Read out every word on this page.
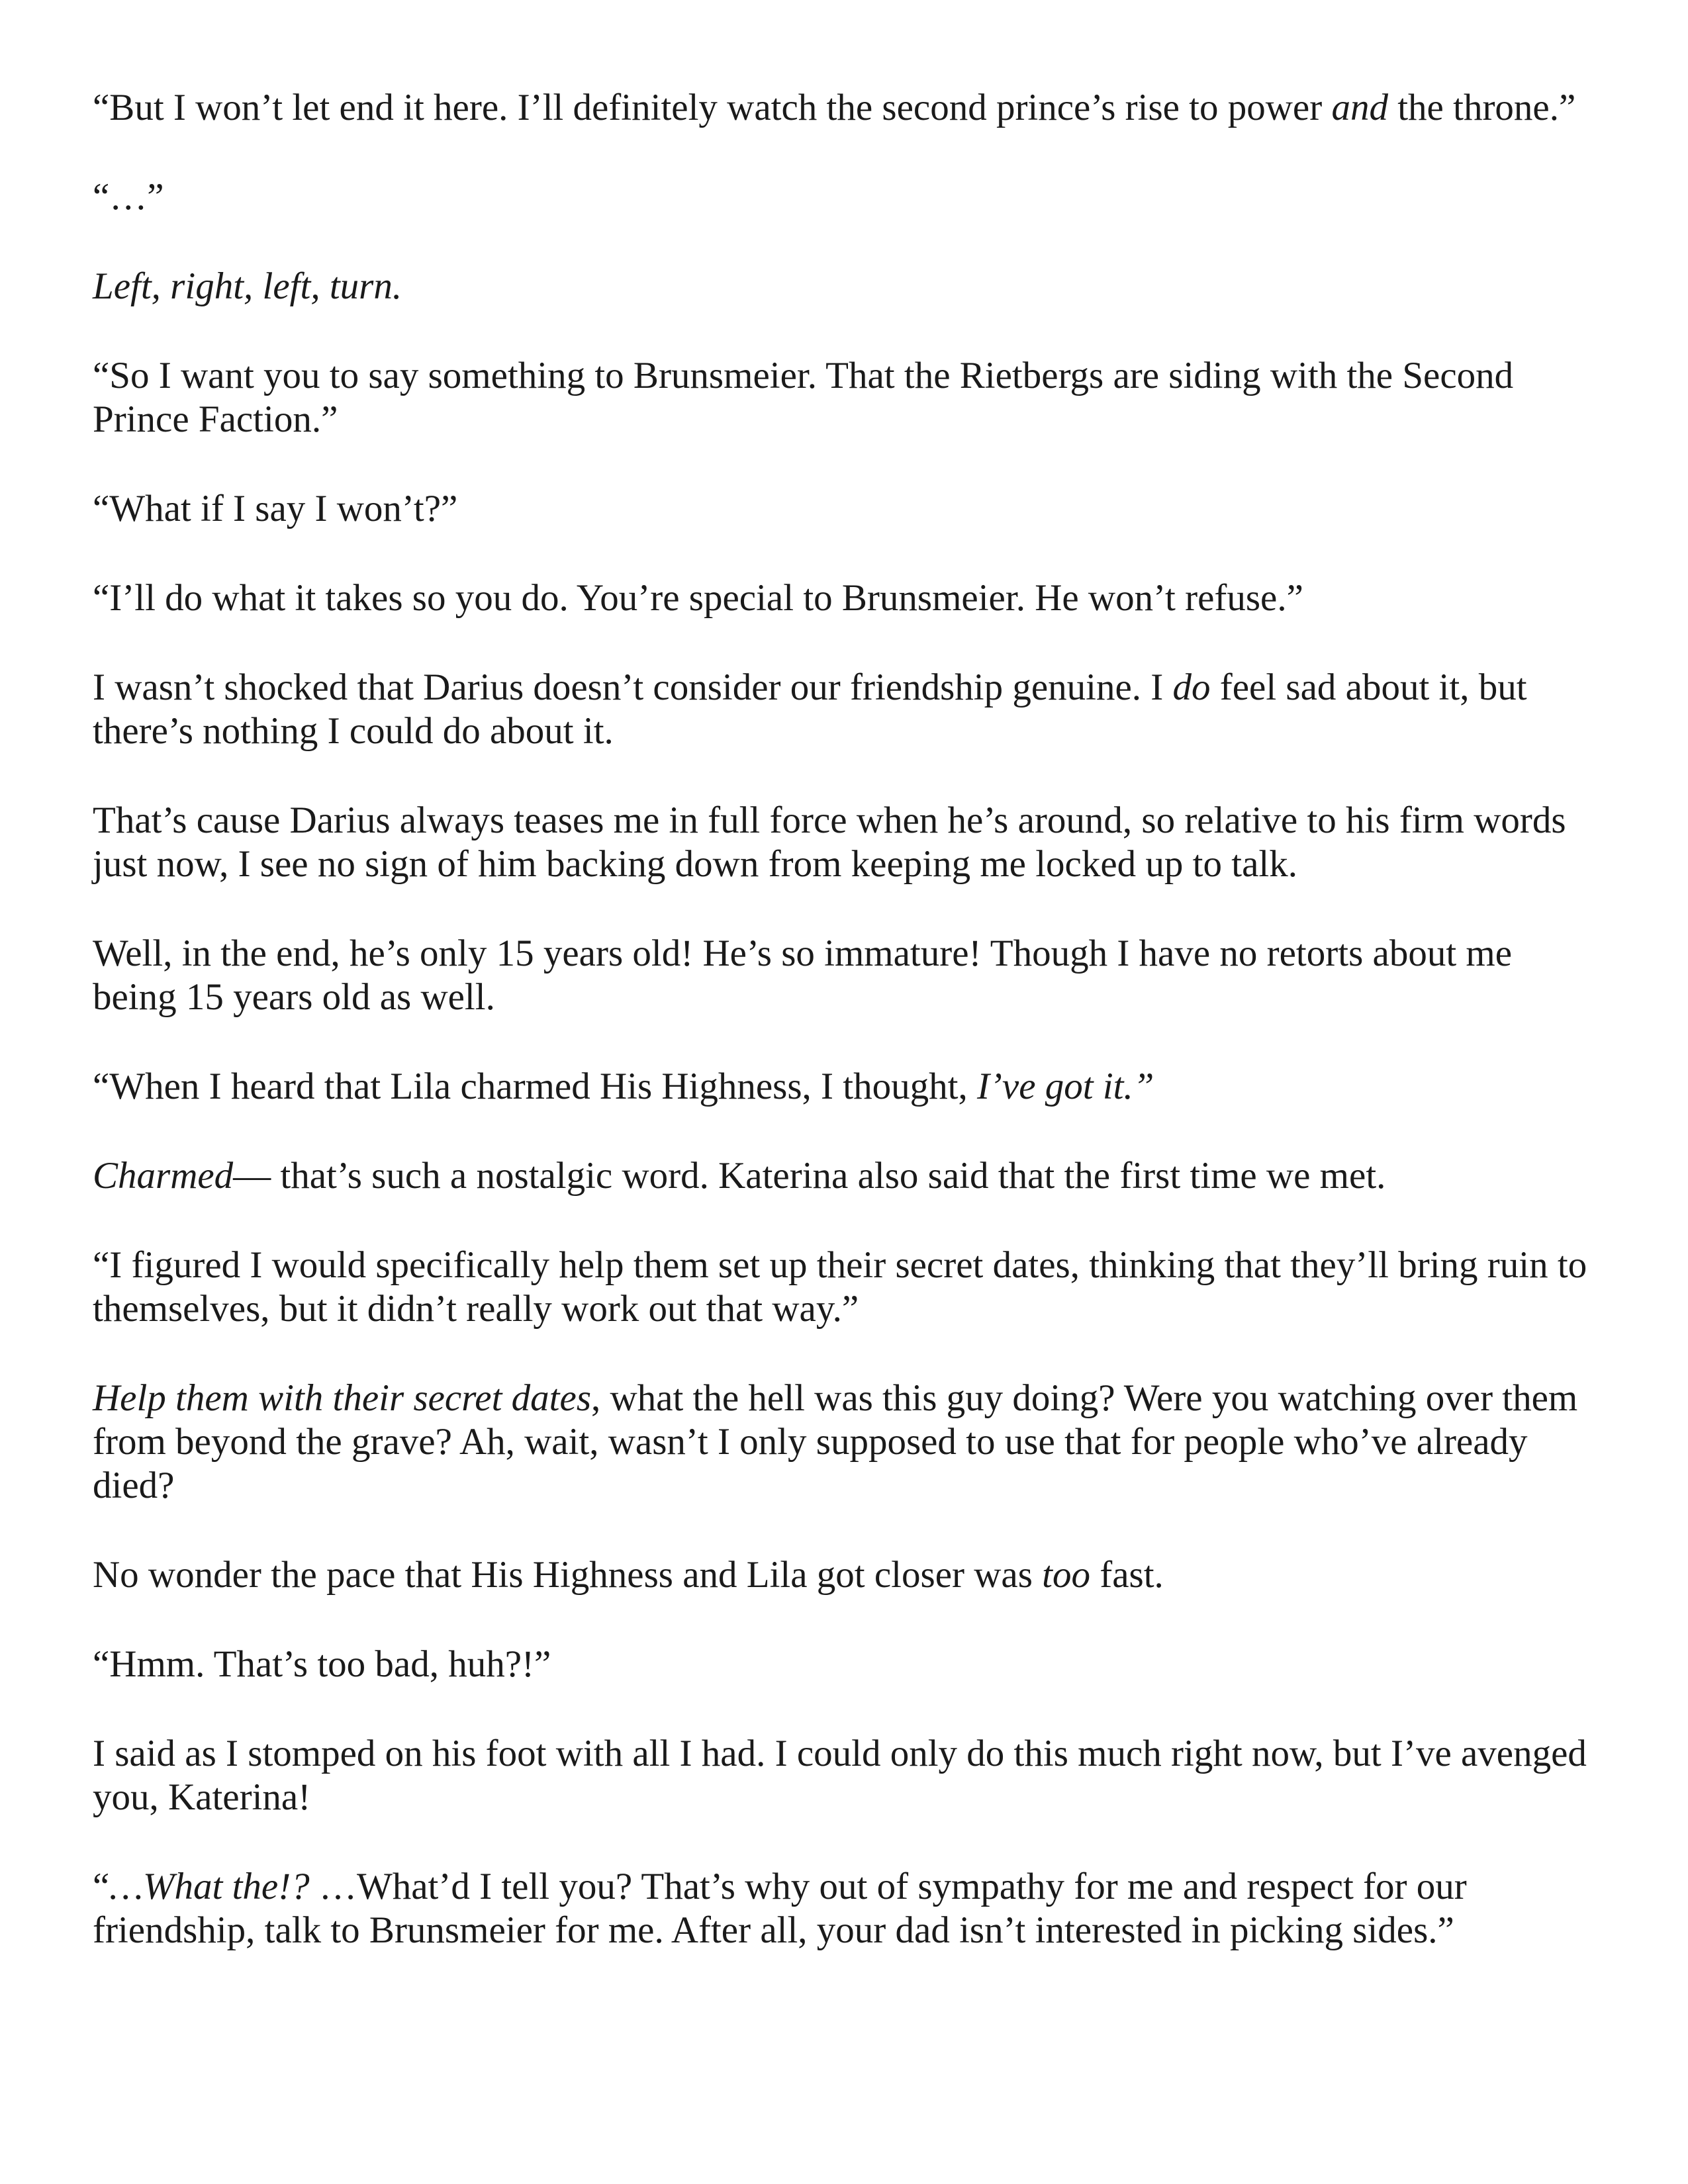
“But I won’t let end it here. I’ll definitely watch the second prince’s rise to power and the throne.”

“…”

Left, right, left, turn.

“So I want you to say something to Brunsmeier. That the Rietbergs are siding with the Second Prince Faction.”

“What if I say I won’t?”

“I’ll do what it takes so you do. You’re special to Brunsmeier. He won’t refuse.”

I wasn’t shocked that Darius doesn’t consider our friendship genuine. I do feel sad about it, but there’s nothing I could do about it.

That’s cause Darius always teases me in full force when he’s around, so relative to his firm words just now, I see no sign of him backing down from keeping me locked up to talk.

Well, in the end, he’s only 15 years old! He’s so immature! Though I have no retorts about me being 15 years old as well.

“When I heard that Lila charmed His Highness, I thought, I’ve got it.”

Charmed— that’s such a nostalgic word. Katerina also said that the first time we met.

“I figured I would specifically help them set up their secret dates, thinking that they’ll bring ruin to themselves, but it didn’t really work out that way.”

Help them with their secret dates, what the hell was this guy doing? Were you watching over them from beyond the grave? Ah, wait, wasn’t I only supposed to use that for people who’ve already died?

No wonder the pace that His Highness and Lila got closer was too fast.

“Hmm. That’s too bad, huh?!”

I said as I stomped on his foot with all I had. I could only do this much right now, but I’ve avenged you, Katerina!

“…What the!? …What’d I tell you? That’s why out of sympathy for me and respect for our friendship, talk to Brunsmeier for me. After all, your dad isn’t interested in picking sides.”
